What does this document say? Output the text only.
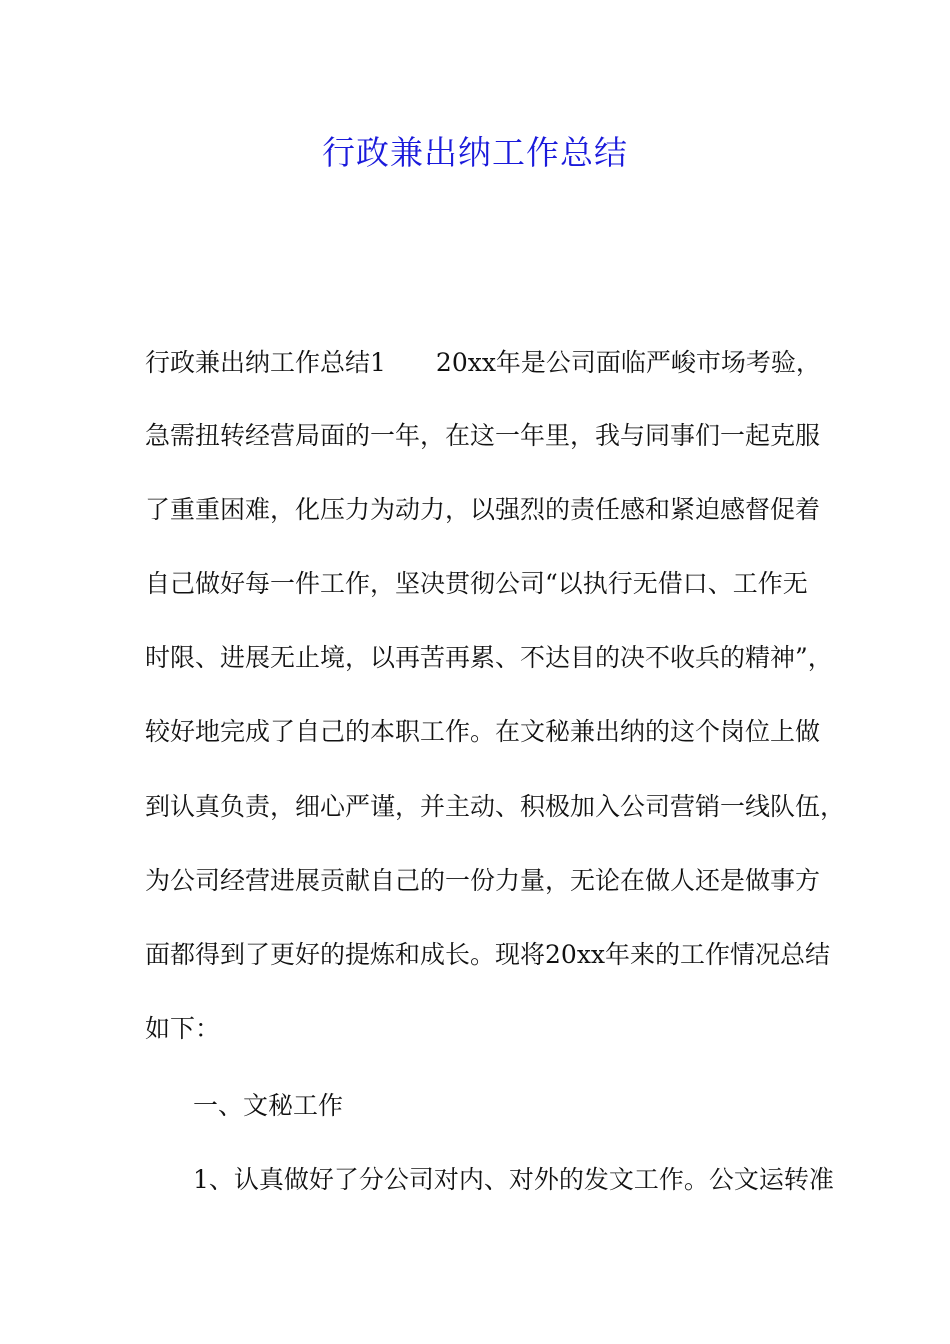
行政兼出纳工作总结
行政兼出纳工作总结1　　20xx年是公司面临严峻市场考验，
急需扭转经营局面的一年，在这一年里，我与同事们一起克服
了重重困难，化压力为动力，以强烈的责任感和紧迫感督促着
自己做好每一件工作，坚决贯彻公司“以执行无借口、工作无
时限、进展无止境，以再苦再累、不达目的决不收兵的精神”，
较好地完成了自己的本职工作。在文秘兼出纳的这个岗位上做
到认真负责，细心严谨，并主动、积极加入公司营销一线队伍，
为公司经营进展贡献自己的一份力量，无论在做人还是做事方
面都得到了更好的提炼和成长。现将20xx年来的工作情况总结
如下：
一、文秘工作
1、认真做好了分公司对内、对外的发文工作。公文运转准
